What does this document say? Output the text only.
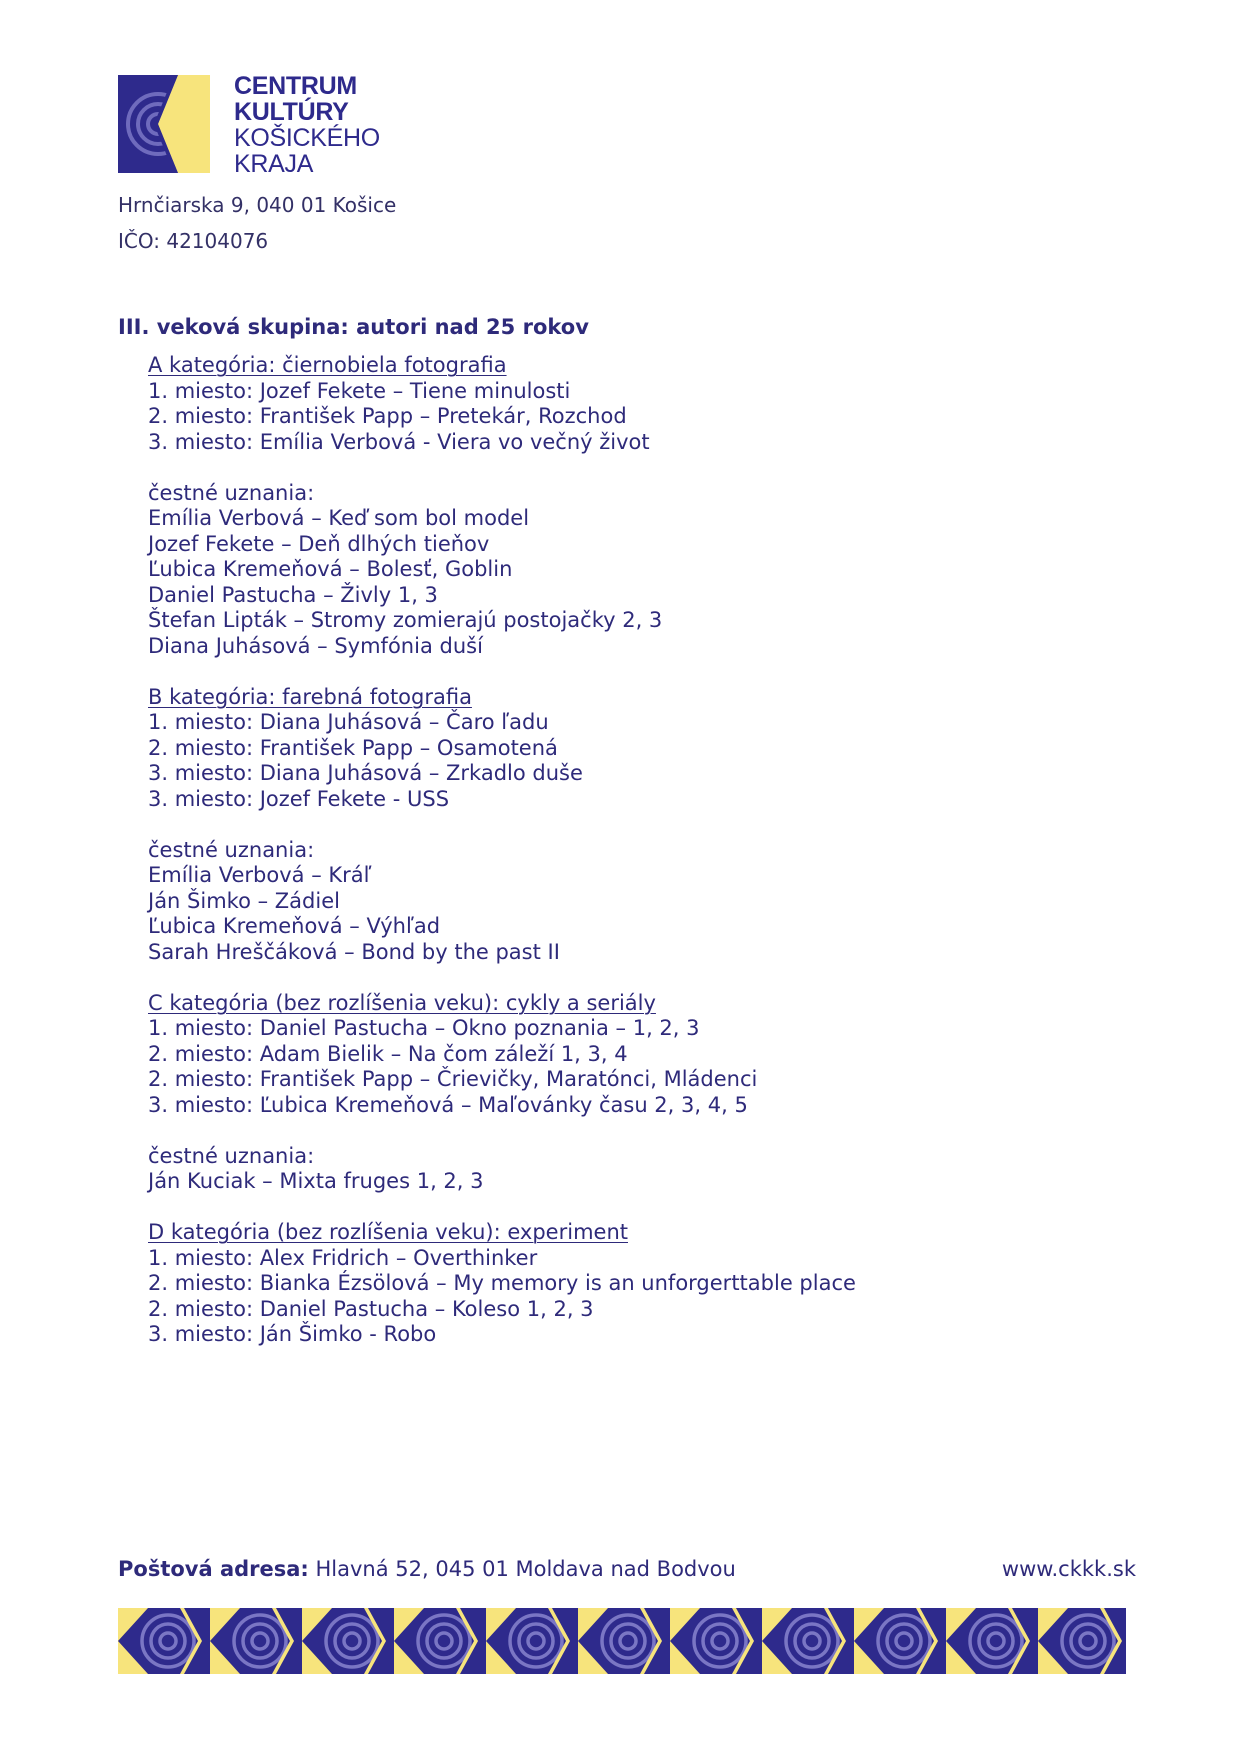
CENTRUM
KULTÚRY
KOŠICKÉHO
KRAJA
Hrnčiarska 9, 040 01 Košice
IČO: 42104076
III. veková skupina: autori nad 25 rokov
A kategória: čiernobiela fotografia
1. miesto: Jozef Fekete – Tiene minulosti
2. miesto: František Papp – Pretekár, Rozchod
3. miesto: Emília Verbová - Viera vo večný život
čestné uznania:
Emília Verbová – Keď som bol model
Jozef Fekete – Deň dlhých tieňov
Ľubica Kremeňová – Bolesť, Goblin
Daniel Pastucha – Živly 1, 3
Štefan Lipták – Stromy zomierajú postojačky 2, 3
Diana Juhásová – Symfónia duší
B kategória: farebná fotografia
1. miesto: Diana Juhásová – Čaro ľadu
2. miesto: František Papp – Osamotená
3. miesto: Diana Juhásová – Zrkadlo duše
3. miesto: Jozef Fekete - USS
čestné uznania:
Emília Verbová – Kráľ
Ján Šimko – Zádiel
Ľubica Kremeňová – Výhľad
Sarah Hreščáková – Bond by the past II
C kategória (bez rozlíšenia veku): cykly a seriály
1. miesto: Daniel Pastucha – Okno poznania – 1, 2, 3
2. miesto: Adam Bielik – Na čom záleží 1, 3, 4
2. miesto: František Papp – Črievičky, Maratónci, Mládenci
3. miesto: Ľubica Kremeňová – Maľovánky času 2, 3, 4, 5
čestné uznania:
Ján Kuciak – Mixta fruges 1, 2, 3
D kategória (bez rozlíšenia veku): experiment
1. miesto: Alex Fridrich – Overthinker
2. miesto: Bianka Ézsölová – My memory is an unforgerttable place
2. miesto: Daniel Pastucha – Koleso 1, 2, 3
3. miesto: Ján Šimko - Robo
Poštová adresa: Hlavná 52, 045 01 Moldava nad Bodvou	www.ckkk.sk
